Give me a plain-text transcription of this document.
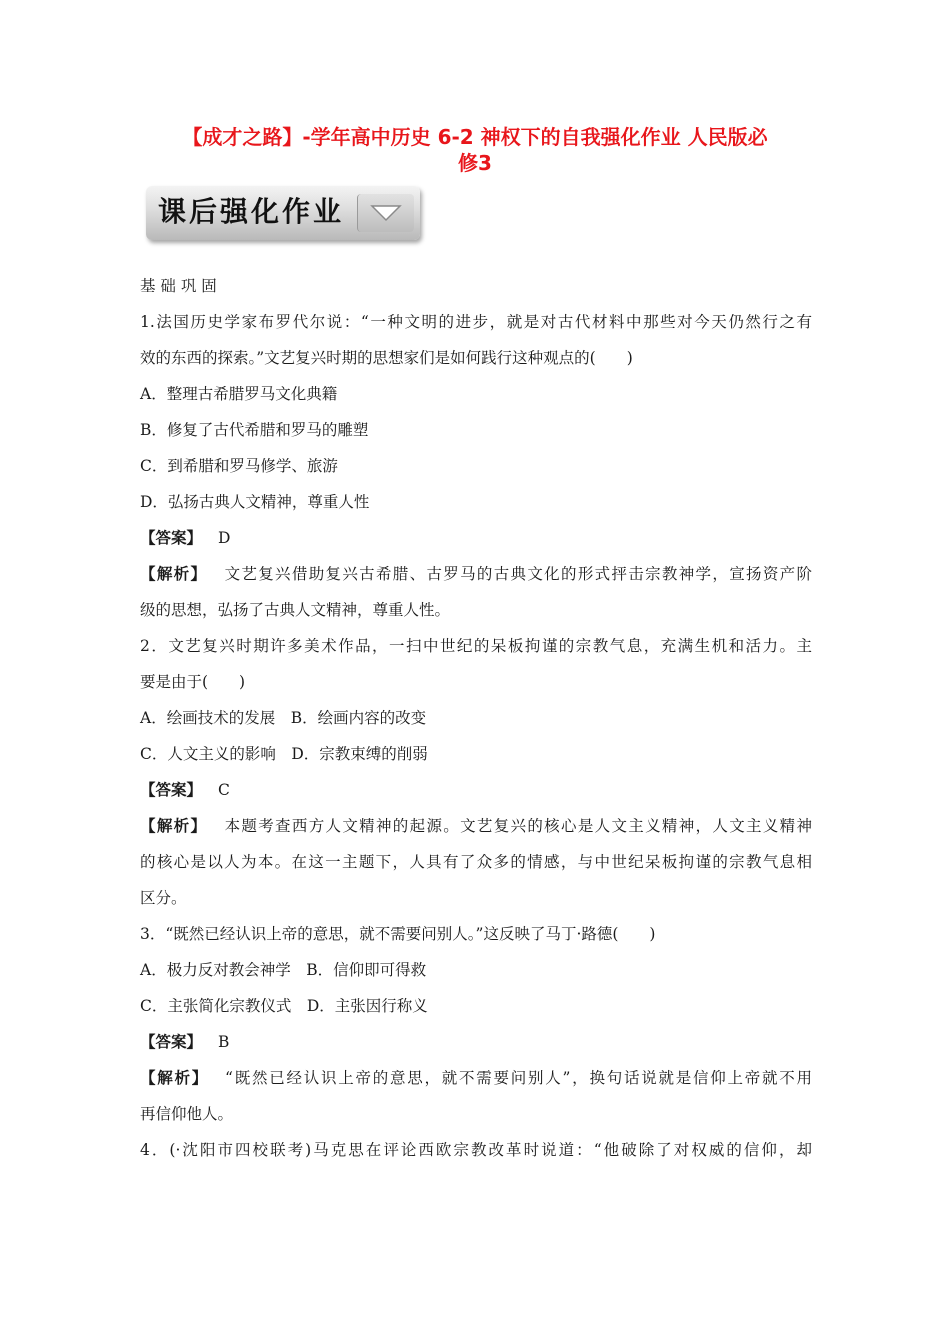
【成才之路】-学年高中历史 6-2 神权下的自我强化作业 人民版必
修3
课后强化作业
基 础 巩 固
1.法国历史学家布罗代尔说：“一种文明的进步，就是对古代材料中那些对今天仍然行之有
效的东西的探索。”文艺复兴时期的思想家们是如何践行这种观点的(　　)
A．整理古希腊罗马文化典籍
B．修复了古代希腊和罗马的雕塑
C．到希腊和罗马修学、旅游
D．弘扬古典人文精神，尊重人性
【答案】 D
【解析】 文艺复兴借助复兴古希腊、古罗马的古典文化的形式抨击宗教神学，宣扬资产阶
级的思想，弘扬了古典人文精神，尊重人性。
2．文艺复兴时期许多美术作品，一扫中世纪的呆板拘谨的宗教气息，充满生机和活力。主
要是由于(　　)
A．绘画技术的发展　B．绘画内容的改变
C．人文主义的影响　D．宗教束缚的削弱
【答案】 C
【解析】 本题考查西方人文精神的起源。文艺复兴的核心是人文主义精神，人文主义精神
的核心是以人为本。在这一主题下，人具有了众多的情感，与中世纪呆板拘谨的宗教气息相
区分。
3．“既然已经认识上帝的意思，就不需要问别人。”这反映了马丁·路德(　　)
A．极力反对教会神学　B．信仰即可得救
C．主张简化宗教仪式　D．主张因行称义
【答案】 B
【解析】 “既然已经认识上帝的意思，就不需要问别人”，换句话说就是信仰上帝就不用
再信仰他人。
4．(·沈阳市四校联考)马克思在评论西欧宗教改革时说道：“他破除了对权威的信仰，却
